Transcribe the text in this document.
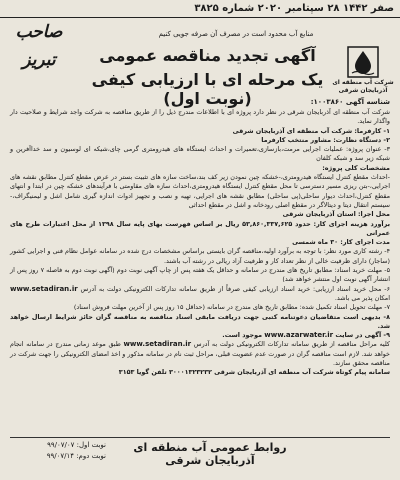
صفر ۱۴۴۲ ۲۸ سپتامبر ۲۰۲۰ شماره ۳۸۲۵
صاحب تبریز
منابع آب محدود است در مصرف آن صرفه جویی کنیم
آگهی تجدید مناقصه عمومی
یک مرحله ای با ارزیابی کیفی (نوبت اول)
شرکت آب منطقه ای آذربایجان شرقی
شناسه آگهی ۱۰۰۳۸۶۰:

شرکت آب منطقه ای آذربایجان شرقی در نظر دارد پروژه ای با اطلاعات مندرج ذیل را از طریق مناقصه به شرکت واجد شرایط و صلاحیت دار واگذار نماید.

۱- کارفرما: شرکت آب منطقه ای آذربایجان شرقی

۲- دستگاه نظارت: مشاور منتخب کارفرما

۳- عنوان پروژه: عملیات اجرایی مرمت،بازسازی،تعمیرات و احداث ایستگاه های هیدرومتری گرمی چای،شیکه ای لوسیون و سد خداآفرین و شبکه زیر سد و شبکه کلفان

مشخصات کلی پروژه:

-احداث مقطع کنترل ایستگاه هیدرومتری،-خشکه چین نمودن زیر کف بند،ساخت سازه های تثبیت بستر در عرض مقطع کنترل مطابق نقشه های اجرایی،-بتن ریزی مسیر دسترسی تا محل مقطع کنترل ایستگاه هیدرومتری،احداث سازه های مقاومتی با فرآیندهای خشکه چین در ابتدا و انتهای مقطع کنترل،احداث دیوار ساحلی(پی ساحلی) مطابق نقشه های اجرایی، تهیه و نصب و تجهیز ادوات اندازه گیری شامل اشل و لیمنیگراف،-سیستم انتقال دیتا و دیتالاگر در مقطع اصلی رودخانه و اشل در مقطع احداثی

محل اجرا: استان آذربایجان شرقی

برآورد هزینه اجرای کار: حدود ۵۳,۸۶۰,۳۳۷,۶۲۵ ریال بر اساس فهرست بهای پایه سال ۱۳۹۸ از محل اعتبارات طرح های عمرانی

مدت اجرای کار: ۳۰ ماه شمسی

۴- رشته کاری مورد نظر: با توجه به برآورد اولیه،مناقصه گران بایستی براساس مشخصات درج شده در سامانه عوامل نظام فنی و اجرایی کشور (ساجار) دارای ظرفیت خالی از نظر تعداد کار و ظرفیت آزاد ریالی در رشته آب باشند.

۵- مهلت خرید اسناد: مطابق تاریخ های مندرج در سامانه و حداقل یک هفته پس از چاپ آگهی نوبت دوم (آگهی نوبت دوم به فاصله ۷ روز پس از انتشار آگهی نوبت اول منتشر خواهد شد)

۶- محل خرید اسناد ارزیابی: خرید اسناد ارزیابی کیفی صرفاً از طریق سامانه تدارکات الکترونیکی دولت به آدرس www.setadiran.ir امکان پذیر می باشد.

۷- مهلت تحویل اسناد تکمیل شده: مطابق تاریخ های مندرج در سامانه (حداقل ۱۵ روز پس از آخرین مهلت فروش اسناد)

۸- بدیهی است متقاضیان دعوتنامه کتبی جهت دریافت مابقی اسناد مناقصه به مناقصه گران حائز شرایط ارسال خواهد شد.

۹- آگهی در سایت www.azarwater.ir موجود است.

کلیه مراحل مناقصه از طریق سامانه تدارکات الکترونیکی دولت به آدرس www.setadiran.ir طبق موعد زمانی مندرج در سامانه انجام خواهد شد. لازم است مناقصه گران در صورت عدم عضویت قبلی، مراحل ثبت نام در سامانه مذکور و اخذ امضای الکترونیکی را جهت شرکت در مناقصه محقق سازند.

سامانه پیام کوتاه شرکت آب منطقه ای آذربایجان شرقی ۳۰۰۰۱۳۲۳۲۳۲ تلفن گویا ۳۱۵۳

روابط عمومی آب منطقه ای آذربایجان شرقی
نوبت اول: ۹۹/۰۷/۰۷
نوبت دوم: ۹۹/۰۷/۱۴
